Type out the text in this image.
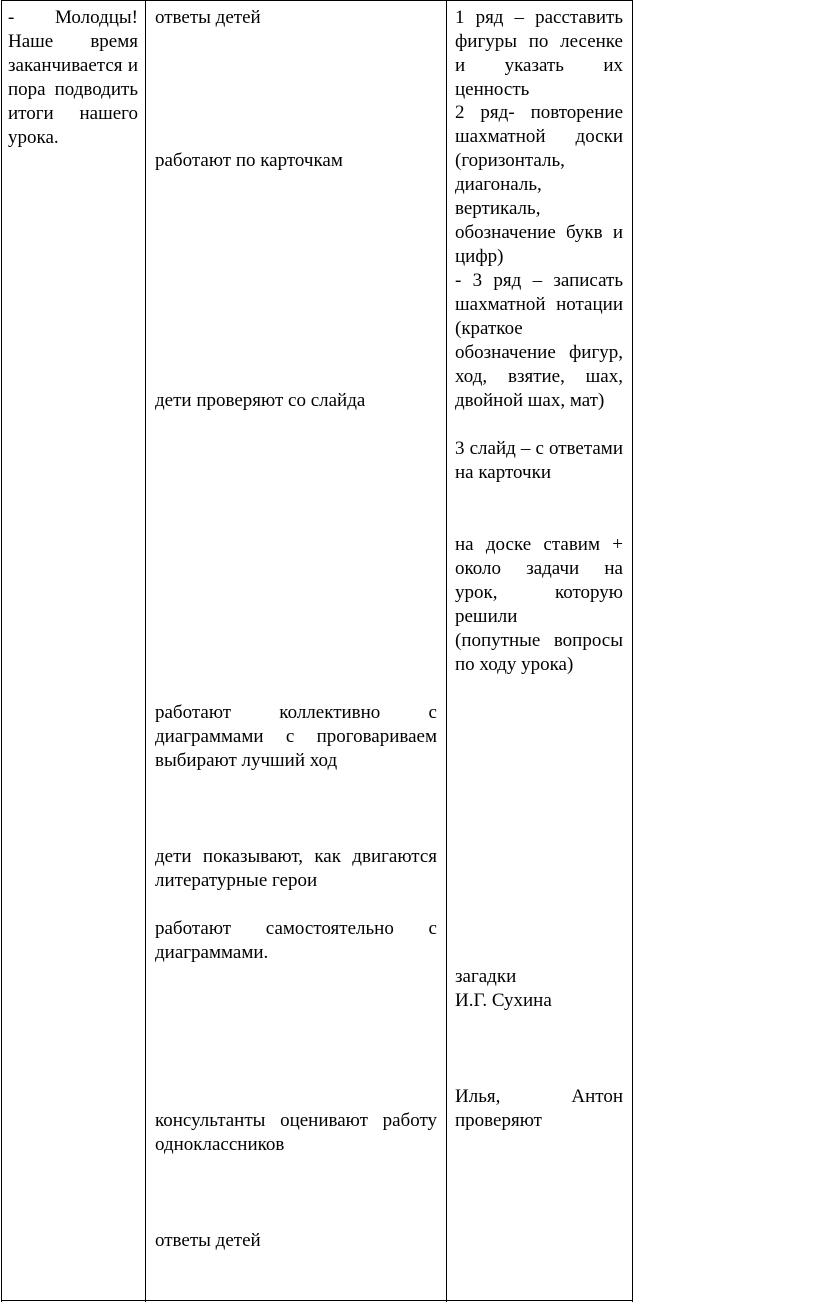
- Молодцы! Наше время заканчивается и пора подводить итоги нашего урока.

ответы детей

работают по карточкам

дети проверяют со слайда

работают коллективно с диаграммами с проговариваем выбирают лучший ход

дети показывают, как двигаются литературные герои

работают самостоятельно с диаграммами.

консультанты оценивают работу одноклассников

ответы детей

1 ряд – расставить фигуры по лесенке и указать их ценность

2 ряд- повторение шахматной доски (горизонталь, диагональ, вертикаль, обозначение букв и цифр)

- 3 ряд – записать шахматной нотации (краткое обозначение фигур, ход, взятие, шах, двойной шах, мат)

3 слайд – с ответами на карточки

на доске ставим + около задачи на урок, которую решили

(попутные вопросы по ходу урока)

загадки

И.Г. Сухина

Илья, Антон проверяют
